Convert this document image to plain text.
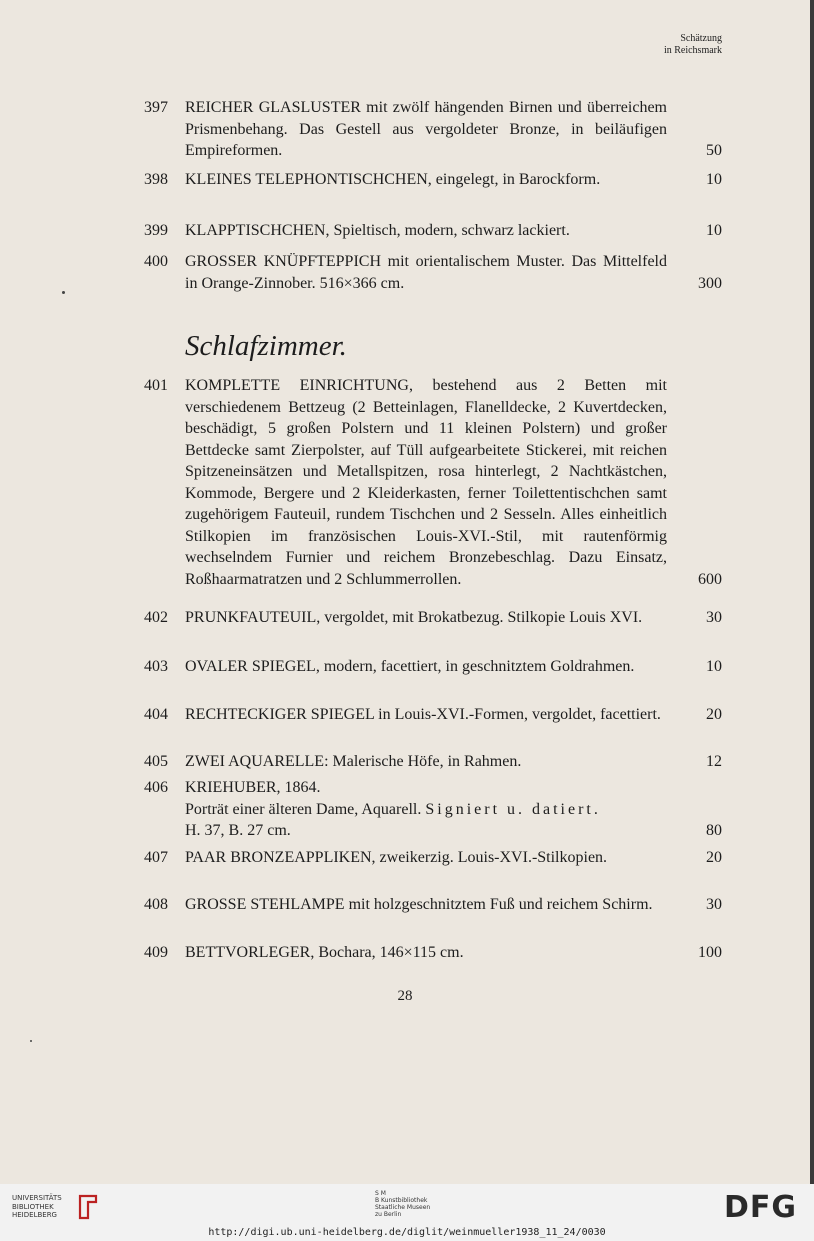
Schätzung
in Reichsmark
397	REICHER GLASLUSTER mit zwölf hängenden Birnen und überreichem Prismenbehang. Das Gestell aus vergoldeter Bronze, in beiläufigen Empireformen.	50
398	KLEINES TELEPHONTISCHCHEN, eingelegt, in Barockform.	10
399	KLAPPTISCHCHEN, Spieltisch, modern, schwarz lackiert.	10
400	GROSSER KNÜPFTEPPICH mit orientalischem Muster. Das Mittelfeld in Orange-Zinnober. 516×366 cm.	300
Schlafzimmer.
401	KOMPLETTE EINRICHTUNG, bestehend aus 2 Betten mit verschiedenem Bettzeug (2 Betteinlagen, Flanelldecke, 2 Kuvertdecken, beschädigt, 5 großen Polstern und 11 kleinen Polstern) und großer Bettdecke samt Zierpolster, auf Tüll aufgearbeitete Stickerei, mit reichen Spitzeneinsätzen und Metallspitzen, rosa hinterlegt, 2 Nachtkästchen, Kommode, Bergere und 2 Kleiderkasten, ferner Toilettentischchen samt zugehörigem Fauteuil, rundem Tischchen und 2 Sesseln. Alles einheitlich Stilkopien im französischen Louis-XVI.-Stil, mit rautenförmig wechselndem Furnier und reichem Bronzebeschlag. Dazu Einsatz, Roßhaarmatratzen und 2 Schlummerrollen.	600
402	PRUNKFAUTEUIL, vergoldet, mit Brokatbezug. Stilkopie Louis XVI.	30
403	OVALER SPIEGEL, modern, facettiert, in geschnitztem Goldrahmen.	10
404	RECHTECKIGER SPIEGEL in Louis-XVI.-Formen, vergoldet, facettiert.	20
405	ZWEI AQUARELLE: Malerische Höfe, in Rahmen.	12
406	KRIEHUBER, 1864.
Porträt einer älteren Dame, Aquarell. Signiert u. datiert.
H. 37, B. 27 cm.	80
407	PAAR BRONZEAPPLIKEN, zweikerzig. Louis-XVI.-Stilkopien.	20
408	GROSSE STEHLAMPE mit holzgeschnitztem Fuß und reichem Schirm.	30
409	BETTVORLEGER, Bochara, 146×115 cm.	100
28
UNIVERSITÄTS
BIBLIOTHEK
HEIDELBERG
S M
B Kunstbibliothek
Staatliche Museen
zu Berlin	DFG
http://digi.ub.uni-heidelberg.de/diglit/weinmueller1938_11_24/0030
